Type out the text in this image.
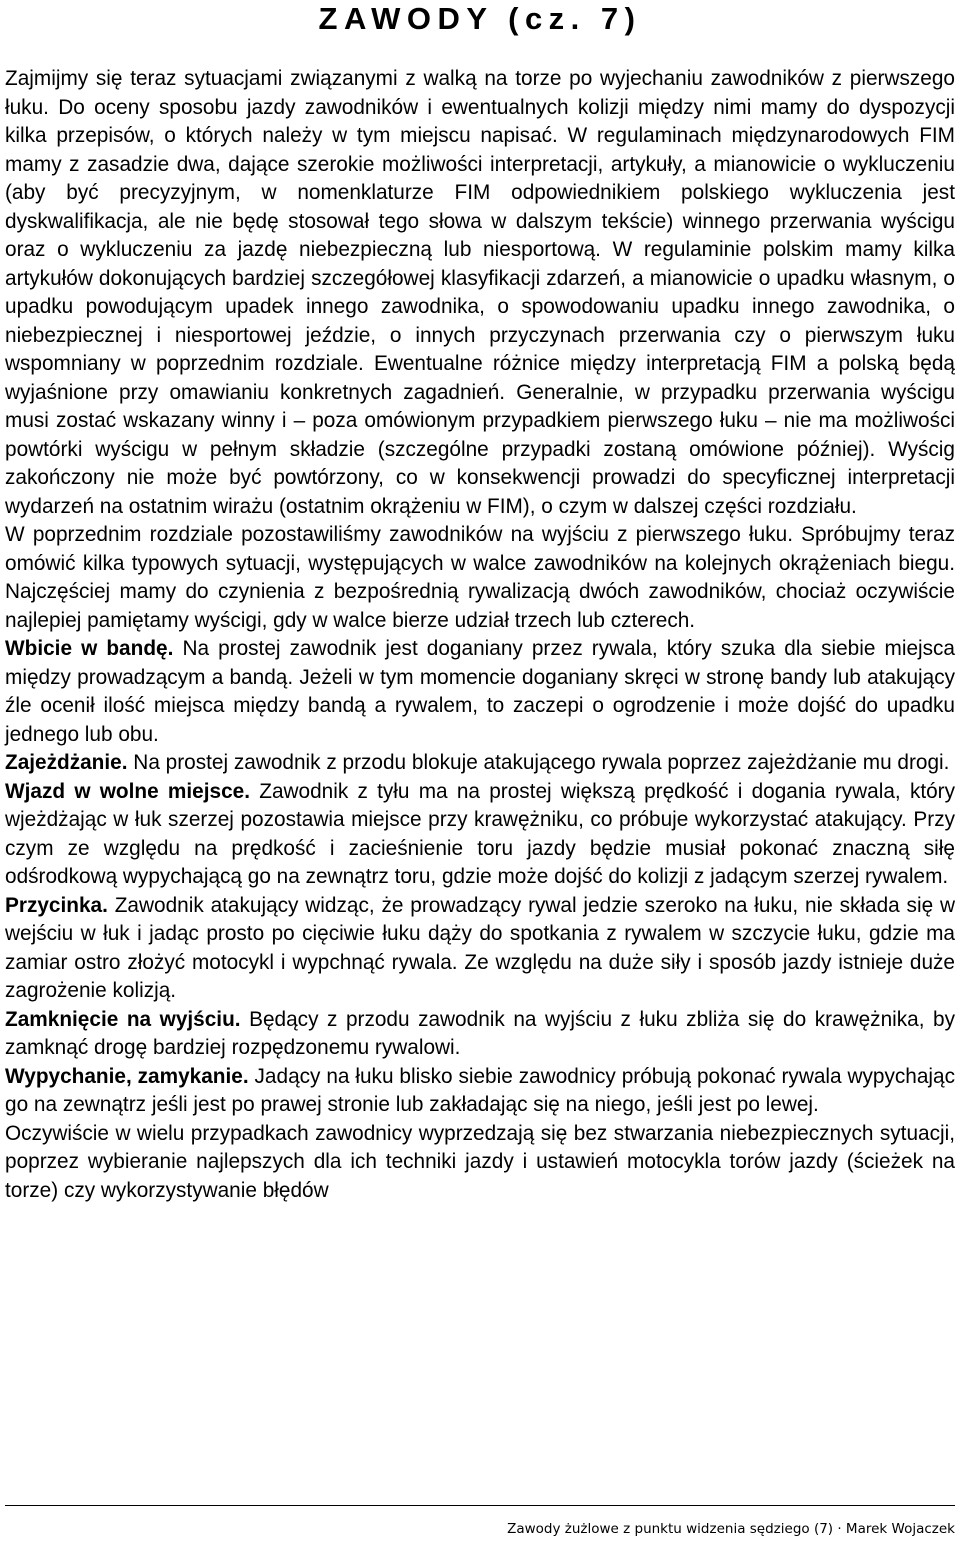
ZAWODY (cz. 7)

Zajmijmy się teraz sytuacjami związanymi z walką na torze po wyjechaniu zawodników z pierwszego łuku. Do oceny sposobu jazdy zawodników i ewentualnych kolizji między nimi mamy do dyspozycji kilka przepisów, o których należy w tym miejscu napisać. W regulaminach międzynarodowych FIM mamy z zasadzie dwa, dające szerokie możliwości interpretacji, artykuły, a mianowicie o wykluczeniu (aby być precyzyjnym, w nomenklaturze FIM odpowiednikiem polskiego wykluczenia jest dyskwalifikacja, ale nie będę stosował tego słowa w dalszym tekście) winnego przerwania wyścigu oraz o wykluczeniu za jazdę niebezpieczną lub niesportową. W regulaminie polskim mamy kilka artykułów dokonujących bardziej szczegółowej klasyfikacji zdarzeń, a mianowicie o upadku własnym, o upadku powodującym upadek innego zawodnika, o spowodowaniu upadku innego zawodnika, o niebezpiecznej i niesportowej jeździe, o innych przyczynach przerwania czy o pierwszym łuku wspomniany w poprzednim rozdziale. Ewentualne różnice między interpretacją FIM a polską będą wyjaśnione przy omawianiu konkretnych zagadnień. Generalnie, w przypadku przerwania wyścigu musi zostać wskazany winny i – poza omówionym przypadkiem pierwszego łuku – nie ma możliwości powtórki wyścigu w pełnym składzie (szczególne przypadki zostaną omówione później). Wyścig zakończony nie może być powtórzony, co w konsekwencji prowadzi do specyficznej interpretacji wydarzeń na ostatnim wirażu (ostatnim okrążeniu w FIM), o czym w dalszej części rozdziału.

W poprzednim rozdziale pozostawiliśmy zawodników na wyjściu z pierwszego łuku. Spróbujmy teraz omówić kilka typowych sytuacji, występujących w walce zawodników na kolejnych okrążeniach biegu. Najczęściej mamy do czynienia z bezpośrednią rywalizacją dwóch zawodników, chociaż oczywiście najlepiej pamiętamy wyścigi, gdy w walce bierze udział trzech lub czterech.

Wbicie w bandę. Na prostej zawodnik jest doganiany przez rywala, który szuka dla siebie miejsca między prowadzącym a bandą. Jeżeli w tym momencie doganiany skręci w stronę bandy lub atakujący źle ocenił ilość miejsca między bandą a rywalem, to zaczepi o ogrodzenie i może dojść do upadku jednego lub obu.

Zajeżdżanie. Na prostej zawodnik z przodu blokuje atakującego rywala poprzez zajeżdżanie mu drogi.

Wjazd w wolne miejsce. Zawodnik z tyłu ma na prostej większą prędkość i dogania rywala, który wjeżdżając w łuk szerzej pozostawia miejsce przy krawężniku, co próbuje wykorzystać atakujący. Przy czym ze względu na prędkość i zacieśnienie toru jazdy będzie musiał pokonać znaczną siłę odśrodkową wypychającą go na zewnątrz toru, gdzie może dojść do kolizji z jadącym szerzej rywalem.

Przycinka. Zawodnik atakujący widząc, że prowadzący rywal jedzie szeroko na łuku, nie składa się w wejściu w łuk i jadąc prosto po cięciwie łuku dąży do spotkania z rywalem w szczycie łuku, gdzie ma zamiar ostro złożyć motocykl i wypchnąć rywala. Ze względu na duże siły i sposób jazdy istnieje duże zagrożenie kolizją.

Zamknięcie na wyjściu. Będący z przodu zawodnik na wyjściu z łuku zbliża się do krawężnika, by zamknąć drogę bardziej rozpędzonemu rywalowi.

Wypychanie, zamykanie. Jadący na łuku blisko siebie zawodnicy próbują pokonać rywala wypychając go na zewnątrz jeśli jest po prawej stronie lub zakładając się na niego, jeśli jest po lewej.

Oczywiście w wielu przypadkach zawodnicy wyprzedzają się bez stwarzania niebezpiecznych sytuacji, poprzez wybieranie najlepszych dla ich techniki jazdy i ustawień motocykla torów jazdy (ścieżek na torze) czy wykorzystywanie błędów

Zawody żużlowe z punktu widzenia sędziego (7) · Marek Wojaczek
